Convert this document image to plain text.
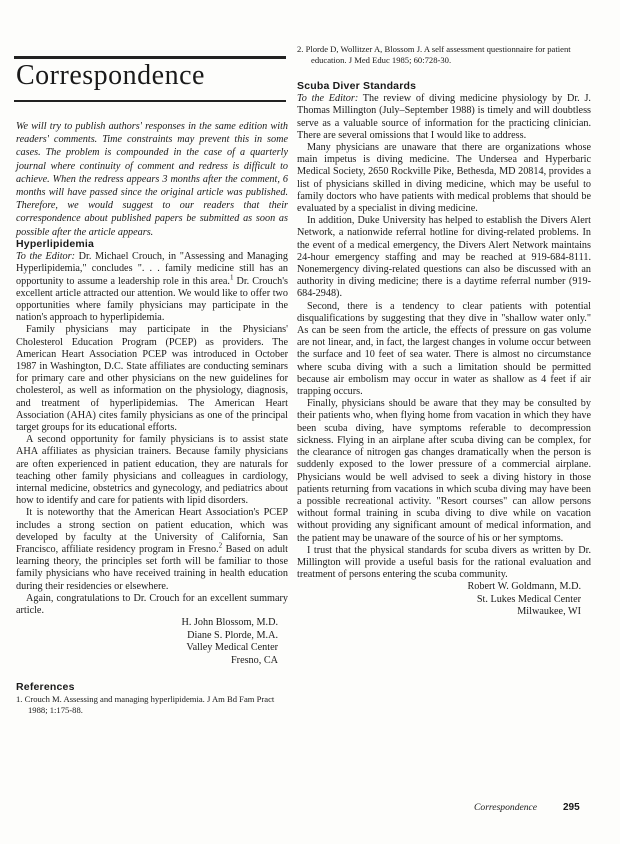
2. Plorde D, Wollitzer A, Blossom J. A self assessment questionnaire for patient education. J Med Educ 1985; 60:728-30.
Correspondence
We will try to publish authors' responses in the same edition with readers' comments. Time constraints may prevent this in some cases. The problem is compounded in the case of a quarterly journal where continuity of comment and redress is difficult to achieve. When the redress appears 3 months after the comment, 6 months will have passed since the original article was published. Therefore, we would suggest to our readers that their correspondence about published papers be submitted as soon as possible after the article appears.
Hyperlipidemia

To the Editor: Dr. Michael Crouch, in "Assessing and Managing Hyperlipidemia," concludes ". . . family medicine still has an opportunity to assume a leadership role in this area.$^1$ Dr. Crouch's excellent article attracted our attention. We would like to offer two opportunities where family physicians may participate in the nation's approach to hyperlipidemia.

Family physicians may participate in the Physicians' Cholesterol Education Program (PCEP) as providers. The American Heart Association PCEP was introduced in October 1987 in Washington, D.C. State affiliates are conducting seminars for primary care and other physicians on the new guidelines for cholesterol, as well as information on the physiology, diagnosis, and treatment of hyperlipidemias. The American Heart Association (AHA) cites family physicians as one of the principal target groups for its educational efforts.

A second opportunity for family physicians is to assist state AHA affiliates as physician trainers. Because family physicians are often experienced in patient education, they are naturals for teaching other family physicians and colleagues in cardiology, internal medicine, obstetrics and gynecology, and pediatrics about how to identify and care for patients with lipid disorders.

It is noteworthy that the American Heart Association's PCEP includes a strong section on patient education, which was developed by faculty at the University of California, San Francisco, affiliate residency program in Fresno.$^2$ Based on adult learning theory, the principles set forth will be familiar to those family physicians who have received training in health education during their residencies or elsewhere.

Again, congratulations to Dr. Crouch for an excellent summary article.

H. John Blossom, M.D.
Diane S. Plorde, M.A.
Valley Medical Center
Fresno, CA
References
1. Crouch M. Assessing and managing hyperlipidemia. J Am Bd Fam Pract 1988; 1:175-88.
Scuba Diver Standards

To the Editor: The review of diving medicine physiology by Dr. J. Thomas Millington (July–September 1988) is timely and will doubtless serve as a valuable source of information for the practicing clinician. There are several omissions that I would like to address.

Many physicians are unaware that there are organizations whose main impetus is diving medicine. The Undersea and Hyperbaric Medical Society, 2650 Rockville Pike, Bethesda, MD 20814, provides a list of physicians skilled in diving medicine, which may be useful to family doctors who have patients with medical problems that should be evaluated by a specialist in diving medicine.

In addition, Duke University has helped to establish the Divers Alert Network, a nationwide referral hotline for diving-related problems. In the event of a medical emergency, the Divers Alert Network maintains 24-hour emergency staffing and may be reached at 919-684-8111. Nonemergency diving-related questions can also be discussed with an authority in diving medicine; there is a daytime referral number (919-684-2948).

Second, there is a tendency to clear patients with potential disqualifications by suggesting that they dive in "shallow water only." As can be seen from the article, the effects of pressure on gas volume are not linear, and, in fact, the largest changes in volume occur between the surface and 10 feet of sea water. There is almost no circumstance where scuba diving with a such a limitation should be permitted because air embolism may occur in water as shallow as 4 feet if air trapping occurs.

Finally, physicians should be aware that they may be consulted by their patients who, when flying home from vacation in which they have been scuba diving, have symptoms referable to decompression sickness. Flying in an airplane after scuba diving can be complex, for the clearance of nitrogen gas changes dramatically when the person is suddenly exposed to the lower pressure of a commercial airplane. Physicians would be well advised to seek a diving history in those patients returning from vacations in which scuba diving may have been a possible recreational activity. "Resort courses" can allow persons without formal training in scuba diving to dive while on vacation without providing any significant amount of medical information, and the patient may be unaware of the source of his or her symptoms.

I trust that the physical standards for scuba divers as written by Dr. Millington will provide a useful basis for the rational evaluation and treatment of persons entering the scuba community.

Robert W. Goldmann, M.D.
St. Lukes Medical Center
Milwaukee, WI
Correspondence	295
